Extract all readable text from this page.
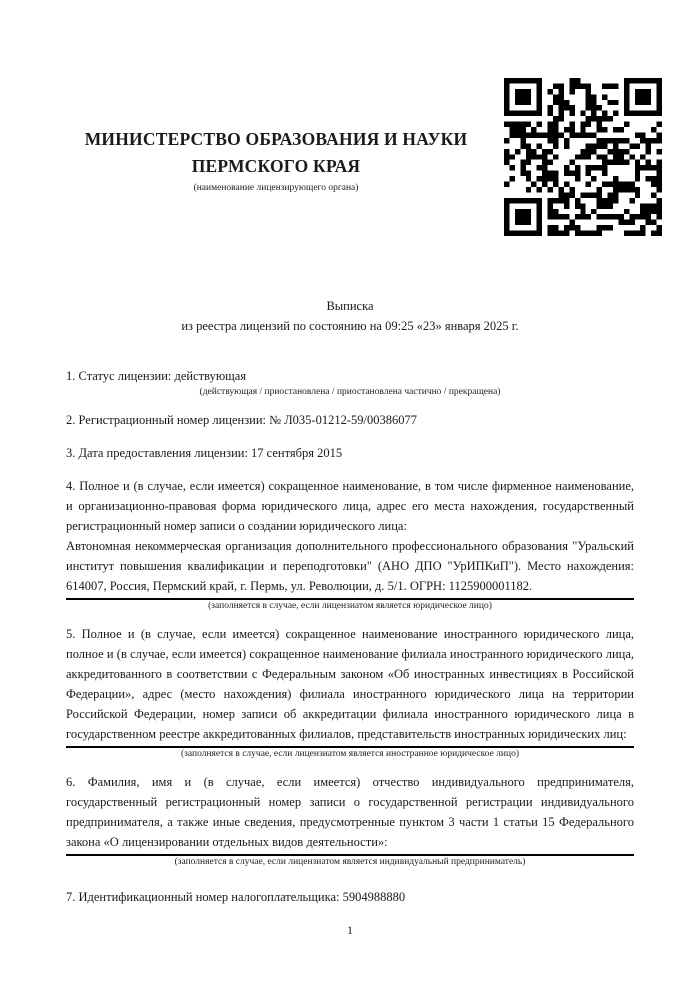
МИНИСТЕРСТВО ОБРАЗОВАНИЯ И НАУКИ
ПЕРМСКОГО КРАЯ
(наименование лицензирующего органа)
Выписка
из реестра лицензий по состоянию на 09:25 «23» января 2025 г.

1. Статус лицензии: действующая

(действующая / приостановлена / приостановлена частично / прекращена)

2. Регистрационный номер лицензии: № Л035-01212-59/00386077

3. Дата предоставления лицензии: 17 сентября 2015

4. Полное и (в случае, если имеется) сокращенное наименование, в том числе фирменное наименование, и организационно-правовая форма юридического лица, адрес его места нахождения, государственный регистрационный номер записи о создании юридического лица:

Автономная некоммерческая организация дополнительного профессионального образования "Уральский институт повышения квалификации и переподготовки" (АНО ДПО "УрИПКиП"). Место нахождения: 614007, Россия, Пермский край, г. Пермь, ул. Революции, д. 5/1. ОГРН: 1125900001182.

(заполняется в случае, если лицензиатом является юридическое лицо)

5. Полное и (в случае, если имеется) сокращенное наименование иностранного юридического лица, полное и (в случае, если имеется) сокращенное наименование филиала иностранного юридического лица, аккредитованного в соответствии с Федеральным законом «Об иностранных инвестициях в Российской Федерации», адрес (место нахождения) филиала иностранного юридического лица на территории Российской Федерации, номер записи об аккредитации филиала иностранного юридического лица в государственном реестре аккредитованных филиалов, представительств иностранных юридических лиц:

(заполняется в случае, если лицензиатом является иностранное юридическое лицо)

6. Фамилия, имя и (в случае, если имеется) отчество индивидуального предпринимателя, государственный регистрационный номер записи о государственной регистрации индивидуального предпринимателя, а также иные сведения, предусмотренные пунктом 3 части 1 статьи 15 Федерального закона «О лицензировании отдельных видов деятельности»:

(заполняется в случае, если лицензиатом является индивидуальный предприниматель)

7. Идентификационный номер налогоплательщика: 5904988880

1
